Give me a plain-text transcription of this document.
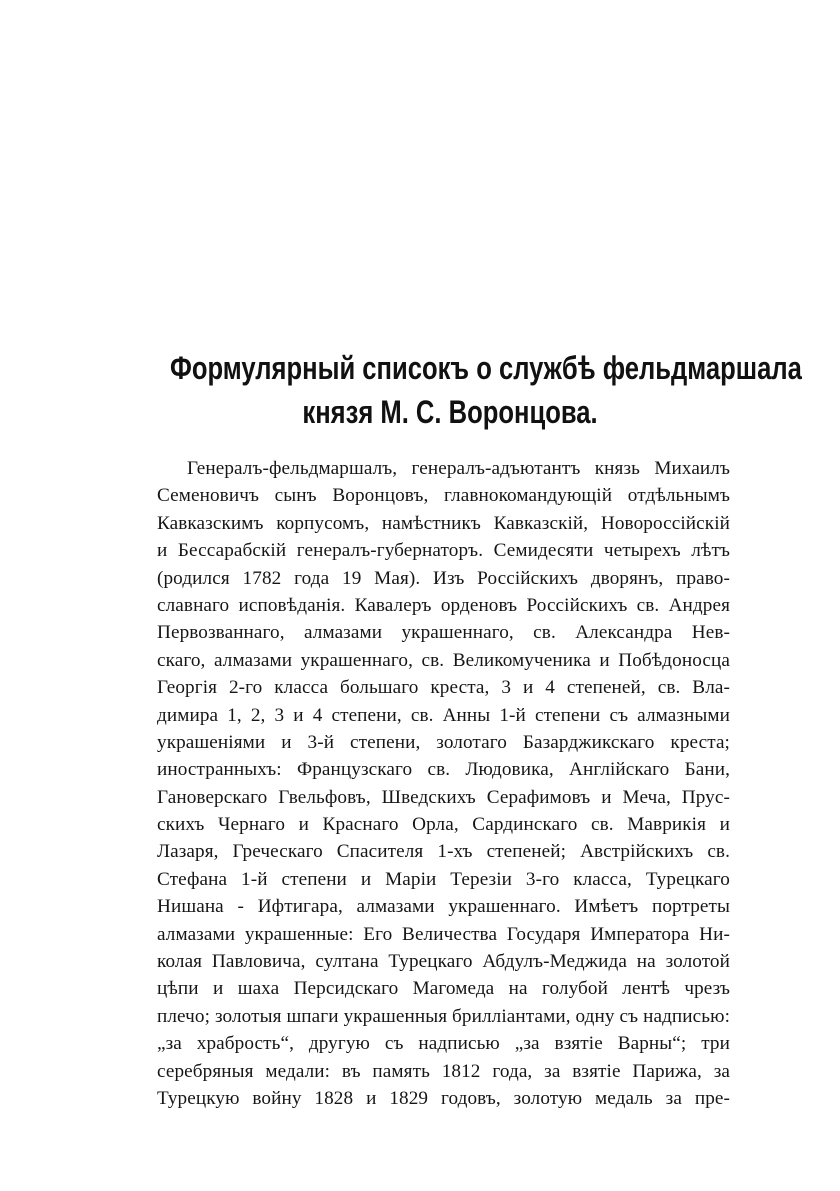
Формулярный списокъ о службѣ фельдмаршала
князя М. С. Воронцова.
Генералъ-фельдмаршалъ, генералъ-адъютантъ князь Михаилъ
Семеновичъ сынъ Воронцовъ, главнокомандующій отдѣльнымъ
Кавказскимъ корпусомъ, намѣстникъ Кавказскій, Новороссійскій
и Бессарабскій генералъ-губернаторъ. Семидесяти четырехъ лѣтъ
(родился 1782 года 19 Мая). Изъ Россійскихъ дворянъ, право-
славнаго исповѣданія. Кавалеръ орденовъ Россійскихъ св. Андрея
Первозваннаго, алмазами украшеннаго, св. Александра Нев-
скаго, алмазами украшеннаго, св. Великомученика и Побѣдоносца
Георгія 2-го класса большаго креста, 3 и 4 степеней, св. Вла-
димира 1, 2, 3 и 4 степени, св. Анны 1-й степени съ алмазными
украшеніями и 3-й степени, золотаго Базарджикскаго креста;
иностранныхъ: Французскаго св. Людовика, Англійскаго Бани,
Гановерскаго Гвельфовъ, Шведскихъ Серафимовъ и Меча, Прус-
скихъ Чернаго и Краснаго Орла, Сардинскаго св. Маврикія и
Лазаря, Греческаго Спасителя 1-хъ степеней; Австрійскихъ св.
Стефана 1-й степени и Маріи Терезіи 3-го класса, Турецкаго
Нишана - Ифтигара, алмазами украшеннаго. Имѣетъ портреты
алмазами украшенные: Его Величества Государя Императора Ни-
колая Павловича, султана Турецкаго Абдулъ-Меджида на золотой
цѣпи и шаха Персидскаго Магомеда на голубой лентѣ чрезъ
плечо; золотыя шпаги украшенныя бриллiантами, одну съ надписью:
„за храбрость“, другую съ надписью „за взятіе Варны“; три
серебряныя медали: въ память 1812 года, за взятіе Парижа, за
Турецкую войну 1828 и 1829 годовъ, золотую медаль за пре-
